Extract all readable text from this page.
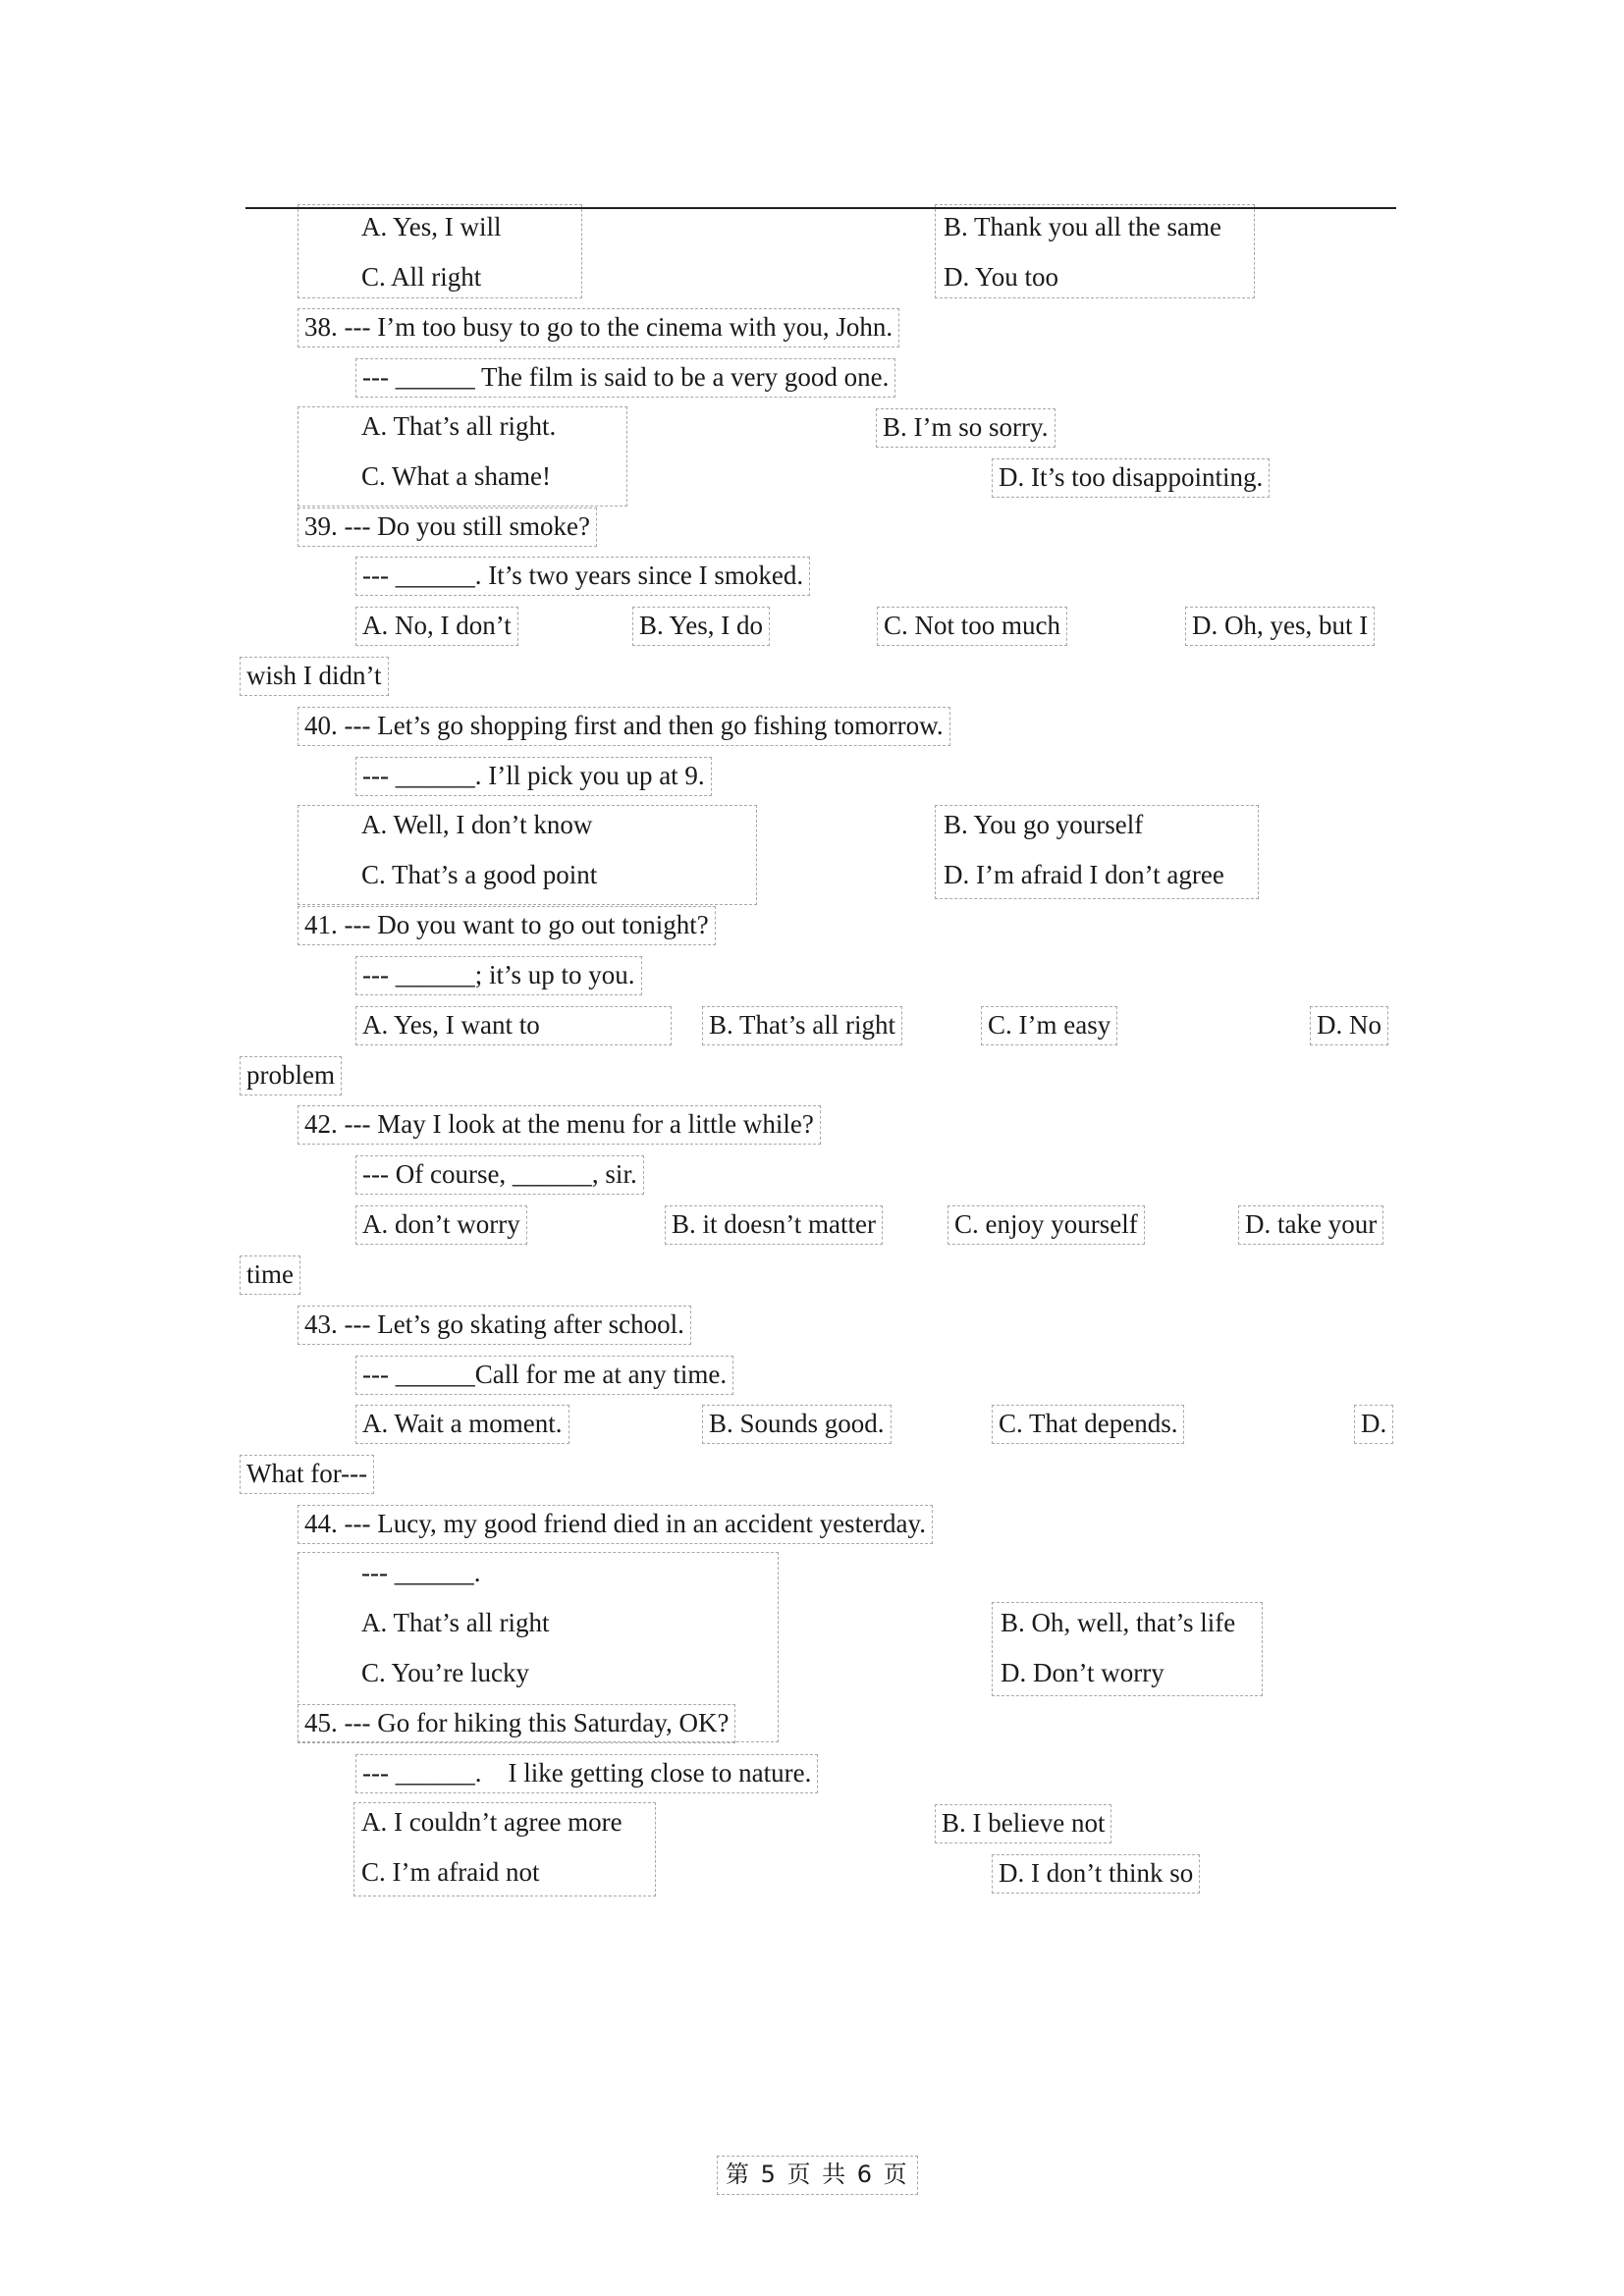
A. Yes, I will
C. All right
B. Thank you all the same
D. You too
38. --- I’m too busy to go to the cinema with you, John.
--- ______ The film is said to be a very good one.
A. That’s all right.
C. What a shame!
B. I’m so sorry.
D. It’s too disappointing.
39. --- Do you still smoke?
--- ______. It’s two years since I smoked.
A. No, I don’t	B. Yes, I do	C. Not too much	D. Oh, yes, but I
wish I didn’t
40. --- Let’s go shopping first and then go fishing tomorrow.
--- ______. I’ll pick you up at 9.
A. Well, I don’t know
C. That’s a good point
B. You go yourself
D. I’m afraid I don’t agree
41. --- Do you want to go out tonight?
--- ______; it’s up to you.
A. Yes, I want to	B. That’s all right	C. I’m easy	D. No
problem
42. --- May I look at the menu for a little while?
--- Of course, ______, sir.
A. don’t worry	B. it doesn’t matter	C. enjoy yourself	D. take your
time
43. --- Let’s go skating after school.
--- ______Call for me at any time.
A. Wait a moment.	B. Sounds good.	C. That depends.	D.
What for---
44. --- Lucy, my good friend died in an accident yesterday.
--- ______.
A. That’s all right
C. You’re lucky
B. Oh, well, that’s life
D. Don’t worry
45. --- Go for hiking this Saturday, OK?
--- ______.    I like getting close to nature.
A. I couldn’t agree more
C. I’m afraid not
B. I believe not
D. I don’t think so
第 5 页 共 6 页
